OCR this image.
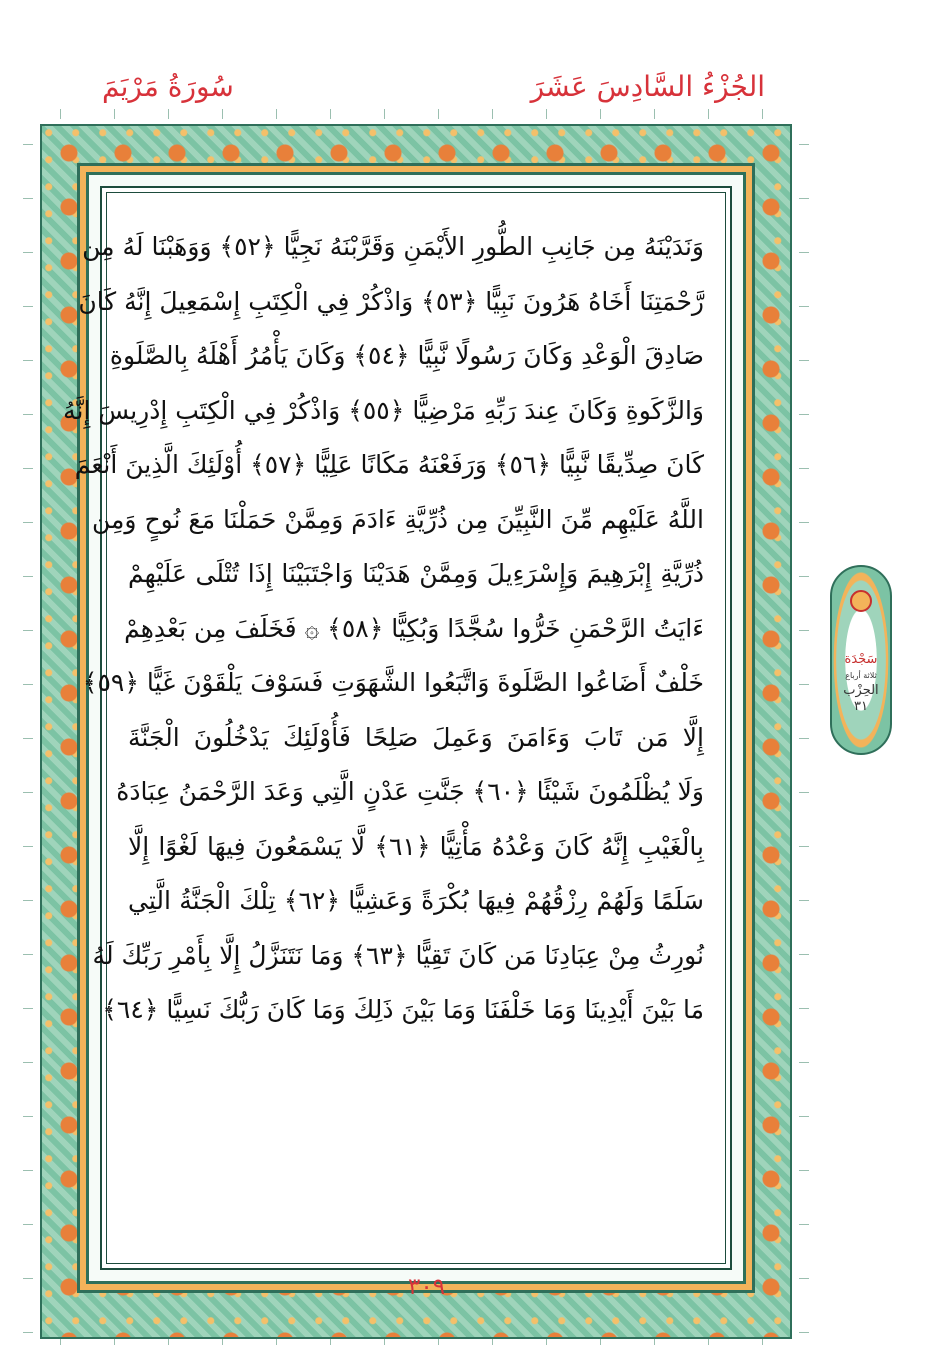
الجُزْءُ السَّادِسَ عَشَرَ
سُورَةُ مَرْيَمَ
وَنَدَيْنَهُ مِن جَانِبِ الطُّورِ الأَيْمَنِ وَقَرَّبْنَهُ نَجِيًّا ﴿٥٢﴾ وَوَهَبْنَا لَهُ مِن
رَّحْمَتِنَا أَخَاهُ هَرُونَ نَبِيًّا ﴿٥٣﴾ وَاذْكُرْ فِي الْكِتَبِ إِسْمَعِيلَ إِنَّهُ كَانَ
صَادِقَ الْوَعْدِ وَكَانَ رَسُولًا نَّبِيًّا ﴿٥٤﴾ وَكَانَ يَأْمُرُ أَهْلَهُ بِالصَّلَوةِ
وَالزَّكَوةِ وَكَانَ عِندَ رَبِّهِ مَرْضِيًّا ﴿٥٥﴾ وَاذْكُرْ فِي الْكِتَبِ إِدْرِيسَ إِنَّهُ
كَانَ صِدِّيقًا نَّبِيًّا ﴿٥٦﴾ وَرَفَعْنَهُ مَكَانًا عَلِيًّا ﴿٥٧﴾ أُوْلَئِكَ الَّذِينَ أَنْعَمَ
اللَّهُ عَلَيْهِم مِّنَ النَّبِيِّنَ مِن ذُرِّيَّةِ ءَادَمَ وَمِمَّنْ حَمَلْنَا مَعَ نُوحٍ وَمِن
ذُرِّيَّةِ إِبْرَهِيمَ وَإِسْرَءِيلَ وَمِمَّنْ هَدَيْنَا وَاجْتَبَيْنَا إِذَا تُتْلَى عَلَيْهِمْ
ءَايَتُ الرَّحْمَنِ خَرُّوا سُجَّدًا وَبُكِيًّا ﴿٥٨﴾ ۞ فَخَلَفَ مِن بَعْدِهِمْ
خَلْفٌ أَضَاعُوا الصَّلَوةَ وَاتَّبَعُوا الشَّهَوَتِ فَسَوْفَ يَلْقَوْنَ غَيًّا ﴿٥٩﴾
إِلَّا مَن تَابَ وَءَامَنَ وَعَمِلَ صَلِحًا فَأُوْلَئِكَ يَدْخُلُونَ الْجَنَّةَ
وَلَا يُظْلَمُونَ شَيْئًا ﴿٦٠﴾ جَنَّتِ عَدْنٍ الَّتِي وَعَدَ الرَّحْمَنُ عِبَادَهُ
بِالْغَيْبِ إِنَّهُ كَانَ وَعْدُهُ مَأْتِيًّا ﴿٦١﴾ لَّا يَسْمَعُونَ فِيهَا لَغْوًا إِلَّا
سَلَمًا وَلَهُمْ رِزْقُهُمْ فِيهَا بُكْرَةً وَعَشِيًّا ﴿٦٢﴾ تِلْكَ الْجَنَّةُ الَّتِي
نُورِثُ مِنْ عِبَادِنَا مَن كَانَ تَقِيًّا ﴿٦٣﴾ وَمَا نَتَنَزَّلُ إِلَّا بِأَمْرِ رَبِّكَ لَهُ
مَا بَيْنَ أَيْدِينَا وَمَا خَلْفَنَا وَمَا بَيْنَ ذَلِكَ وَمَا كَانَ رَبُّكَ نَسِيًّا ﴿٦٤﴾
سَجْدَة
ثلاثة أرباع
الحِزْب
٣١
٣٠٩
